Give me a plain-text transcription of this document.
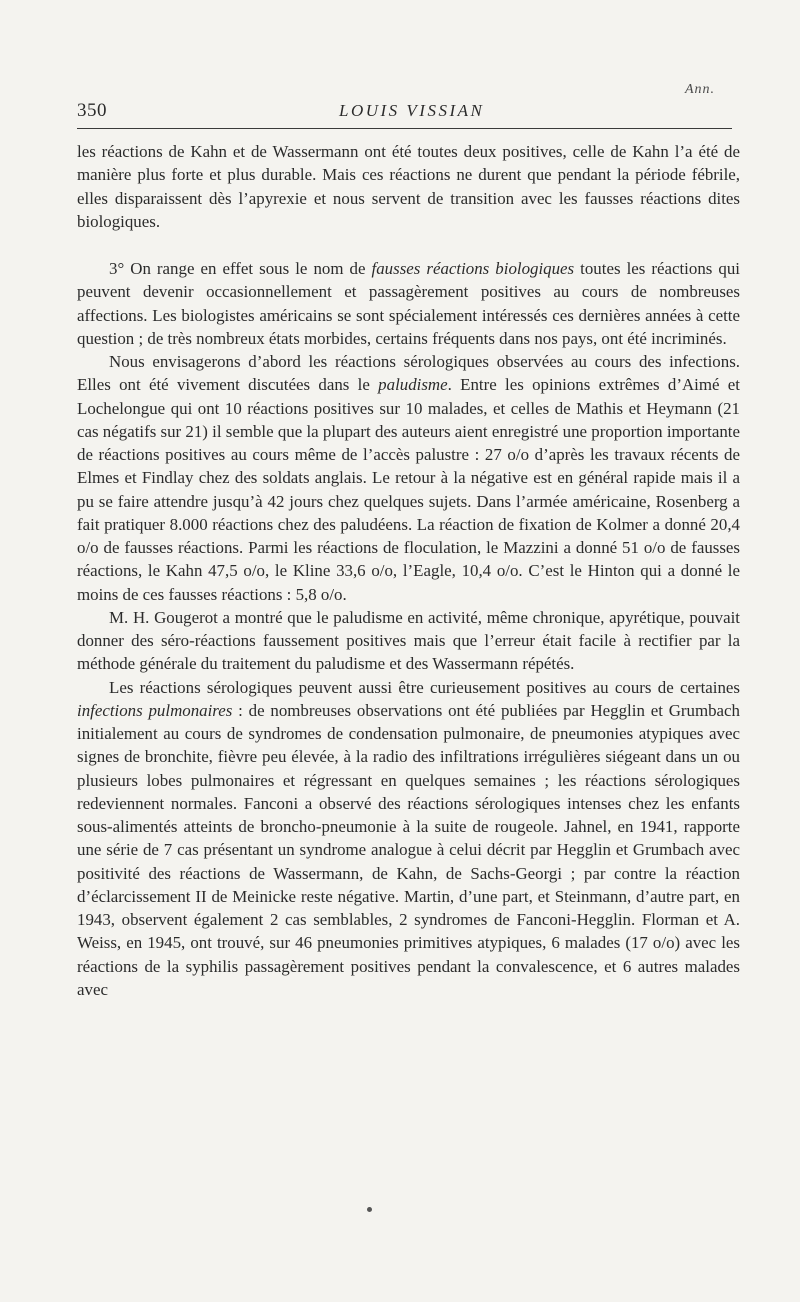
Ann.
350	LOUIS VISSIAN

les réactions de Kahn et de Wassermann ont été toutes deux positives, celle de Kahn l’a été de manière plus forte et plus durable. Mais ces réactions ne durent que pendant la période fébrile, elles disparaissent dès l’apyrexie et nous servent de transition avec les fausses réactions dites biologiques.

3° On range en effet sous le nom de fausses réactions biologiques toutes les réactions qui peuvent devenir occasionnellement et passagèrement positives au cours de nombreuses affections. Les biologistes américains se sont spécialement intéressés ces dernières années à cette question ; de très nombreux états morbides, certains fréquents dans nos pays, ont été incriminés.

Nous envisagerons d’abord les réactions sérologiques observées au cours des infections. Elles ont été vivement discutées dans le paludisme. Entre les opinions extrêmes d’Aimé et Lochelongue qui ont 10 réactions positives sur 10 malades, et celles de Mathis et Heymann (21 cas négatifs sur 21) il semble que la plupart des auteurs aient enregistré une proportion importante de réactions positives au cours même de l’accès palustre : 27 o/o d’après les travaux récents de Elmes et Findlay chez des soldats anglais. Le retour à la négative est en général rapide mais il a pu se faire attendre jusqu’à 42 jours chez quelques sujets. Dans l’armée américaine, Rosenberg a fait pratiquer 8.000 réactions chez des paludéens. La réaction de fixation de Kolmer a donné 20,4 o/o de fausses réactions. Parmi les réactions de floculation, le Mazzini a donné 51 o/o de fausses réactions, le Kahn 47,5 o/o, le Kline 33,6 o/o, l’Eagle, 10,4 o/o. C’est le Hinton qui a donné le moins de ces fausses réactions : 5,8 o/o.

M. H. Gougerot a montré que le paludisme en activité, même chronique, apyrétique, pouvait donner des séro-réactions faussement positives mais que l’erreur était facile à rectifier par la méthode générale du traitement du paludisme et des Wassermann répétés.

Les réactions sérologiques peuvent aussi être curieusement positives au cours de certaines infections pulmonaires : de nombreuses observations ont été publiées par Hegglin et Grumbach initialement au cours de syndromes de condensation pulmonaire, de pneumonies atypiques avec signes de bronchite, fièvre peu élevée, à la radio des infiltrations irrégulières siégeant dans un ou plusieurs lobes pulmonaires et régressant en quelques semaines ; les réactions sérologiques redeviennent normales. Fanconi a observé des réactions sérologiques intenses chez les enfants sous-alimentés atteints de broncho-pneumonie à la suite de rougeole. Jahnel, en 1941, rapporte une série de 7 cas présentant un syndrome analogue à celui décrit par Hegglin et Grumbach avec positivité des réactions de Wassermann, de Kahn, de Sachs-Georgi ; par contre la réaction d’éclarcissement II de Meinicke reste négative. Martin, d’une part, et Steinmann, d’autre part, en 1943, observent également 2 cas semblables, 2 syndromes de Fanconi-Hegglin. Florman et A. Weiss, en 1945, ont trouvé, sur 46 pneumonies primitives atypiques, 6 malades (17 o/o) avec les réactions de la syphilis passagèrement positives pendant la convalescence, et 6 autres malades avec
